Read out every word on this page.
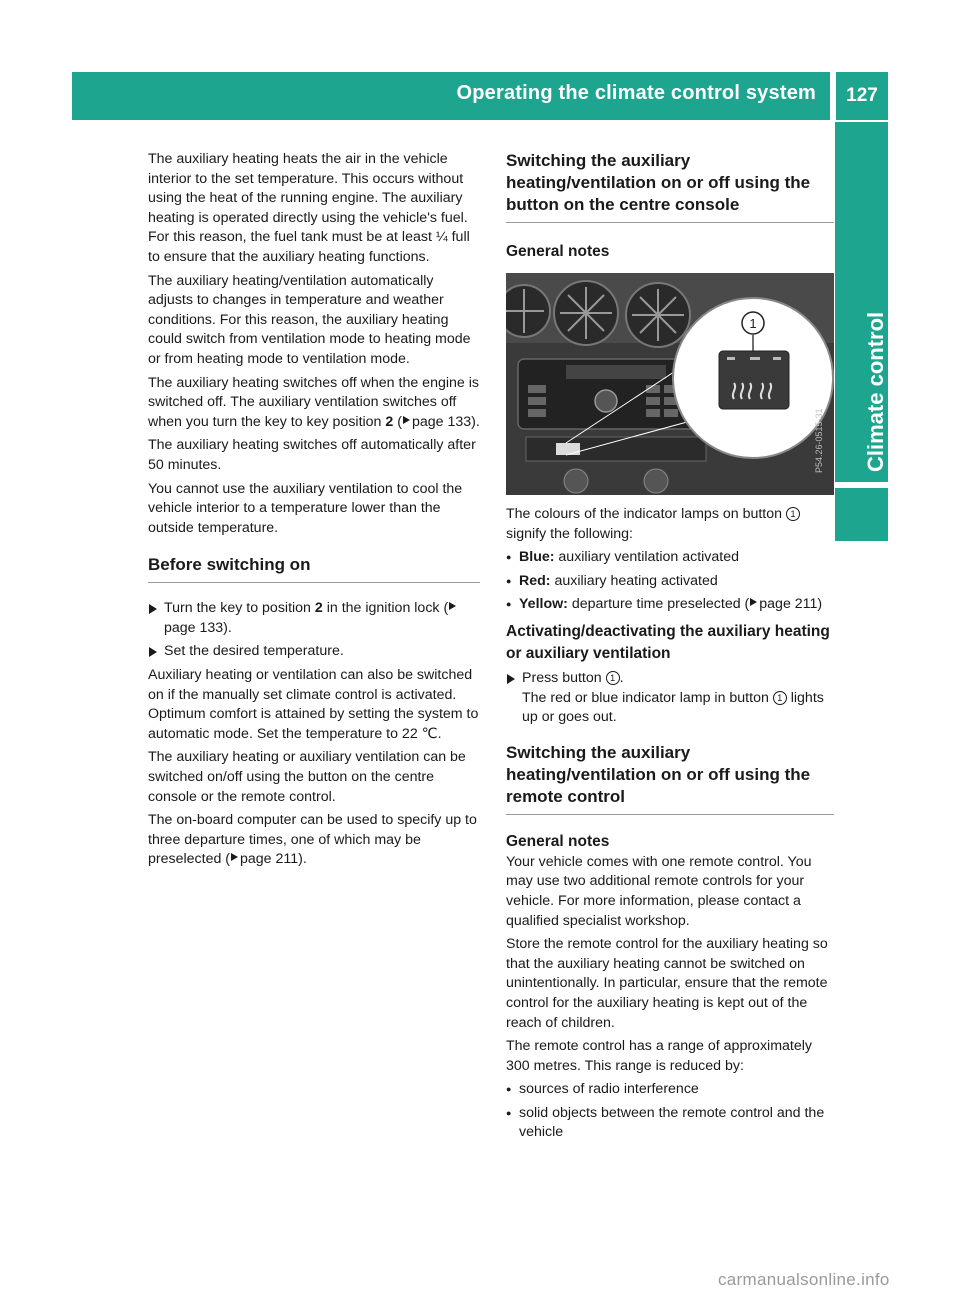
Operating the climate control system	127
Climate control

The auxiliary heating heats the air in the vehicle interior to the set temperature. This occurs without using the heat of the running engine. The auxiliary heating is operated directly using the vehicle's fuel. For this reason, the fuel tank must be at least ¼ full to ensure that the auxiliary heating functions.

The auxiliary heating/ventilation automatically adjusts to changes in temperature and weather conditions. For this reason, the auxiliary heating could switch from ventilation mode to heating mode or from heating mode to ventilation mode.

The auxiliary heating switches off when the engine is switched off. The auxiliary ventilation switches off when you turn the key to key position 2 ( page 133).

The auxiliary heating switches off automatically after 50 minutes.

You cannot use the auxiliary ventilation to cool the vehicle interior to a temperature lower than the outside temperature.

Before switching on

Turn the key to position 2 in the ignition lock (page 133).

Set the desired temperature.

Auxiliary heating or ventilation can also be switched on if the manually set climate control is activated. Optimum comfort is attained by setting the system to automatic mode. Set the temperature to 22 ℃.

The auxiliary heating or auxiliary ventilation can be switched on/off using the button on the centre console or the remote control.

The on-board computer can be used to specify up to three departure times, one of which may be preselected ( page 211).

Switching the auxiliary heating/ventilation on or off using the button on the centre console
General notes
1
P54.26-0515-31

The colours of the indicator lamps on button 1 signify the following:

● Blue: auxiliary ventilation activated

● Red: auxiliary heating activated

● Yellow: departure time preselected ( page 211)

Activating/deactivating the auxiliary heating or auxiliary ventilation

Press button 1 .
The red or blue indicator lamp in button 1 lights up or goes out.

Switching the auxiliary heating/ventilation on or off using the remote control
General notes

Your vehicle comes with one remote control. You may use two additional remote controls for your vehicle. For more information, please contact a qualified specialist workshop.

Store the remote control for the auxiliary heating so that the auxiliary heating cannot be switched on unintentionally. In particular, ensure that the remote control for the auxiliary heating is kept out of the reach of children.

The remote control has a range of approximately 300 metres. This range is reduced by:

● sources of radio interference

● solid objects between the remote control and the vehicle

carmanualsonline.info
